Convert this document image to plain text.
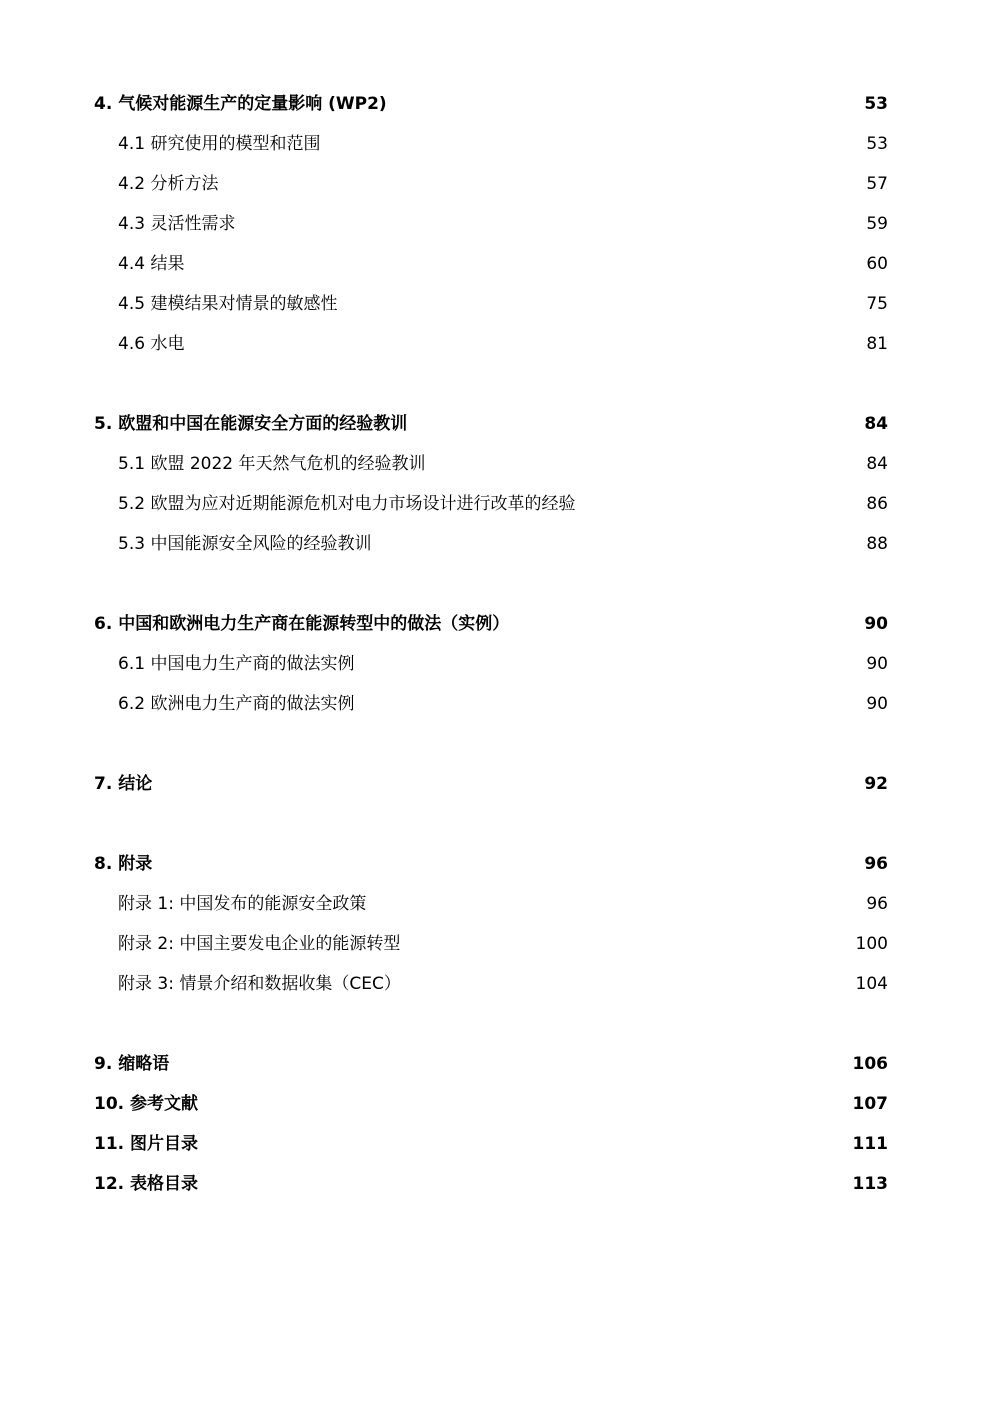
4. 气候对能源生产的定量影响 (WP2)	53
4.1 研究使用的模型和范围	53
4.2 分析方法	57
4.3 灵活性需求	59
4.4 结果	60
4.5 建模结果对情景的敏感性	75
4.6 水电	81
5. 欧盟和中国在能源安全方面的经验教训	84
5.1 欧盟 2022 年天然气危机的经验教训	84
5.2 欧盟为应对近期能源危机对电力市场设计进行改革的经验	86
5.3 中国能源安全风险的经验教训	88
6. 中国和欧洲电力生产商在能源转型中的做法（实例）	90
6.1 中国电力生产商的做法实例	90
6.2 欧洲电力生产商的做法实例	90
7. 结论	92
8. 附录	96
附录 1: 中国发布的能源安全政策	96
附录 2: 中国主要发电企业的能源转型	100
附录 3: 情景介绍和数据收集（CEC）	104
9. 缩略语	106
10. 参考文献	107
11. 图片目录	111
12. 表格目录	113
